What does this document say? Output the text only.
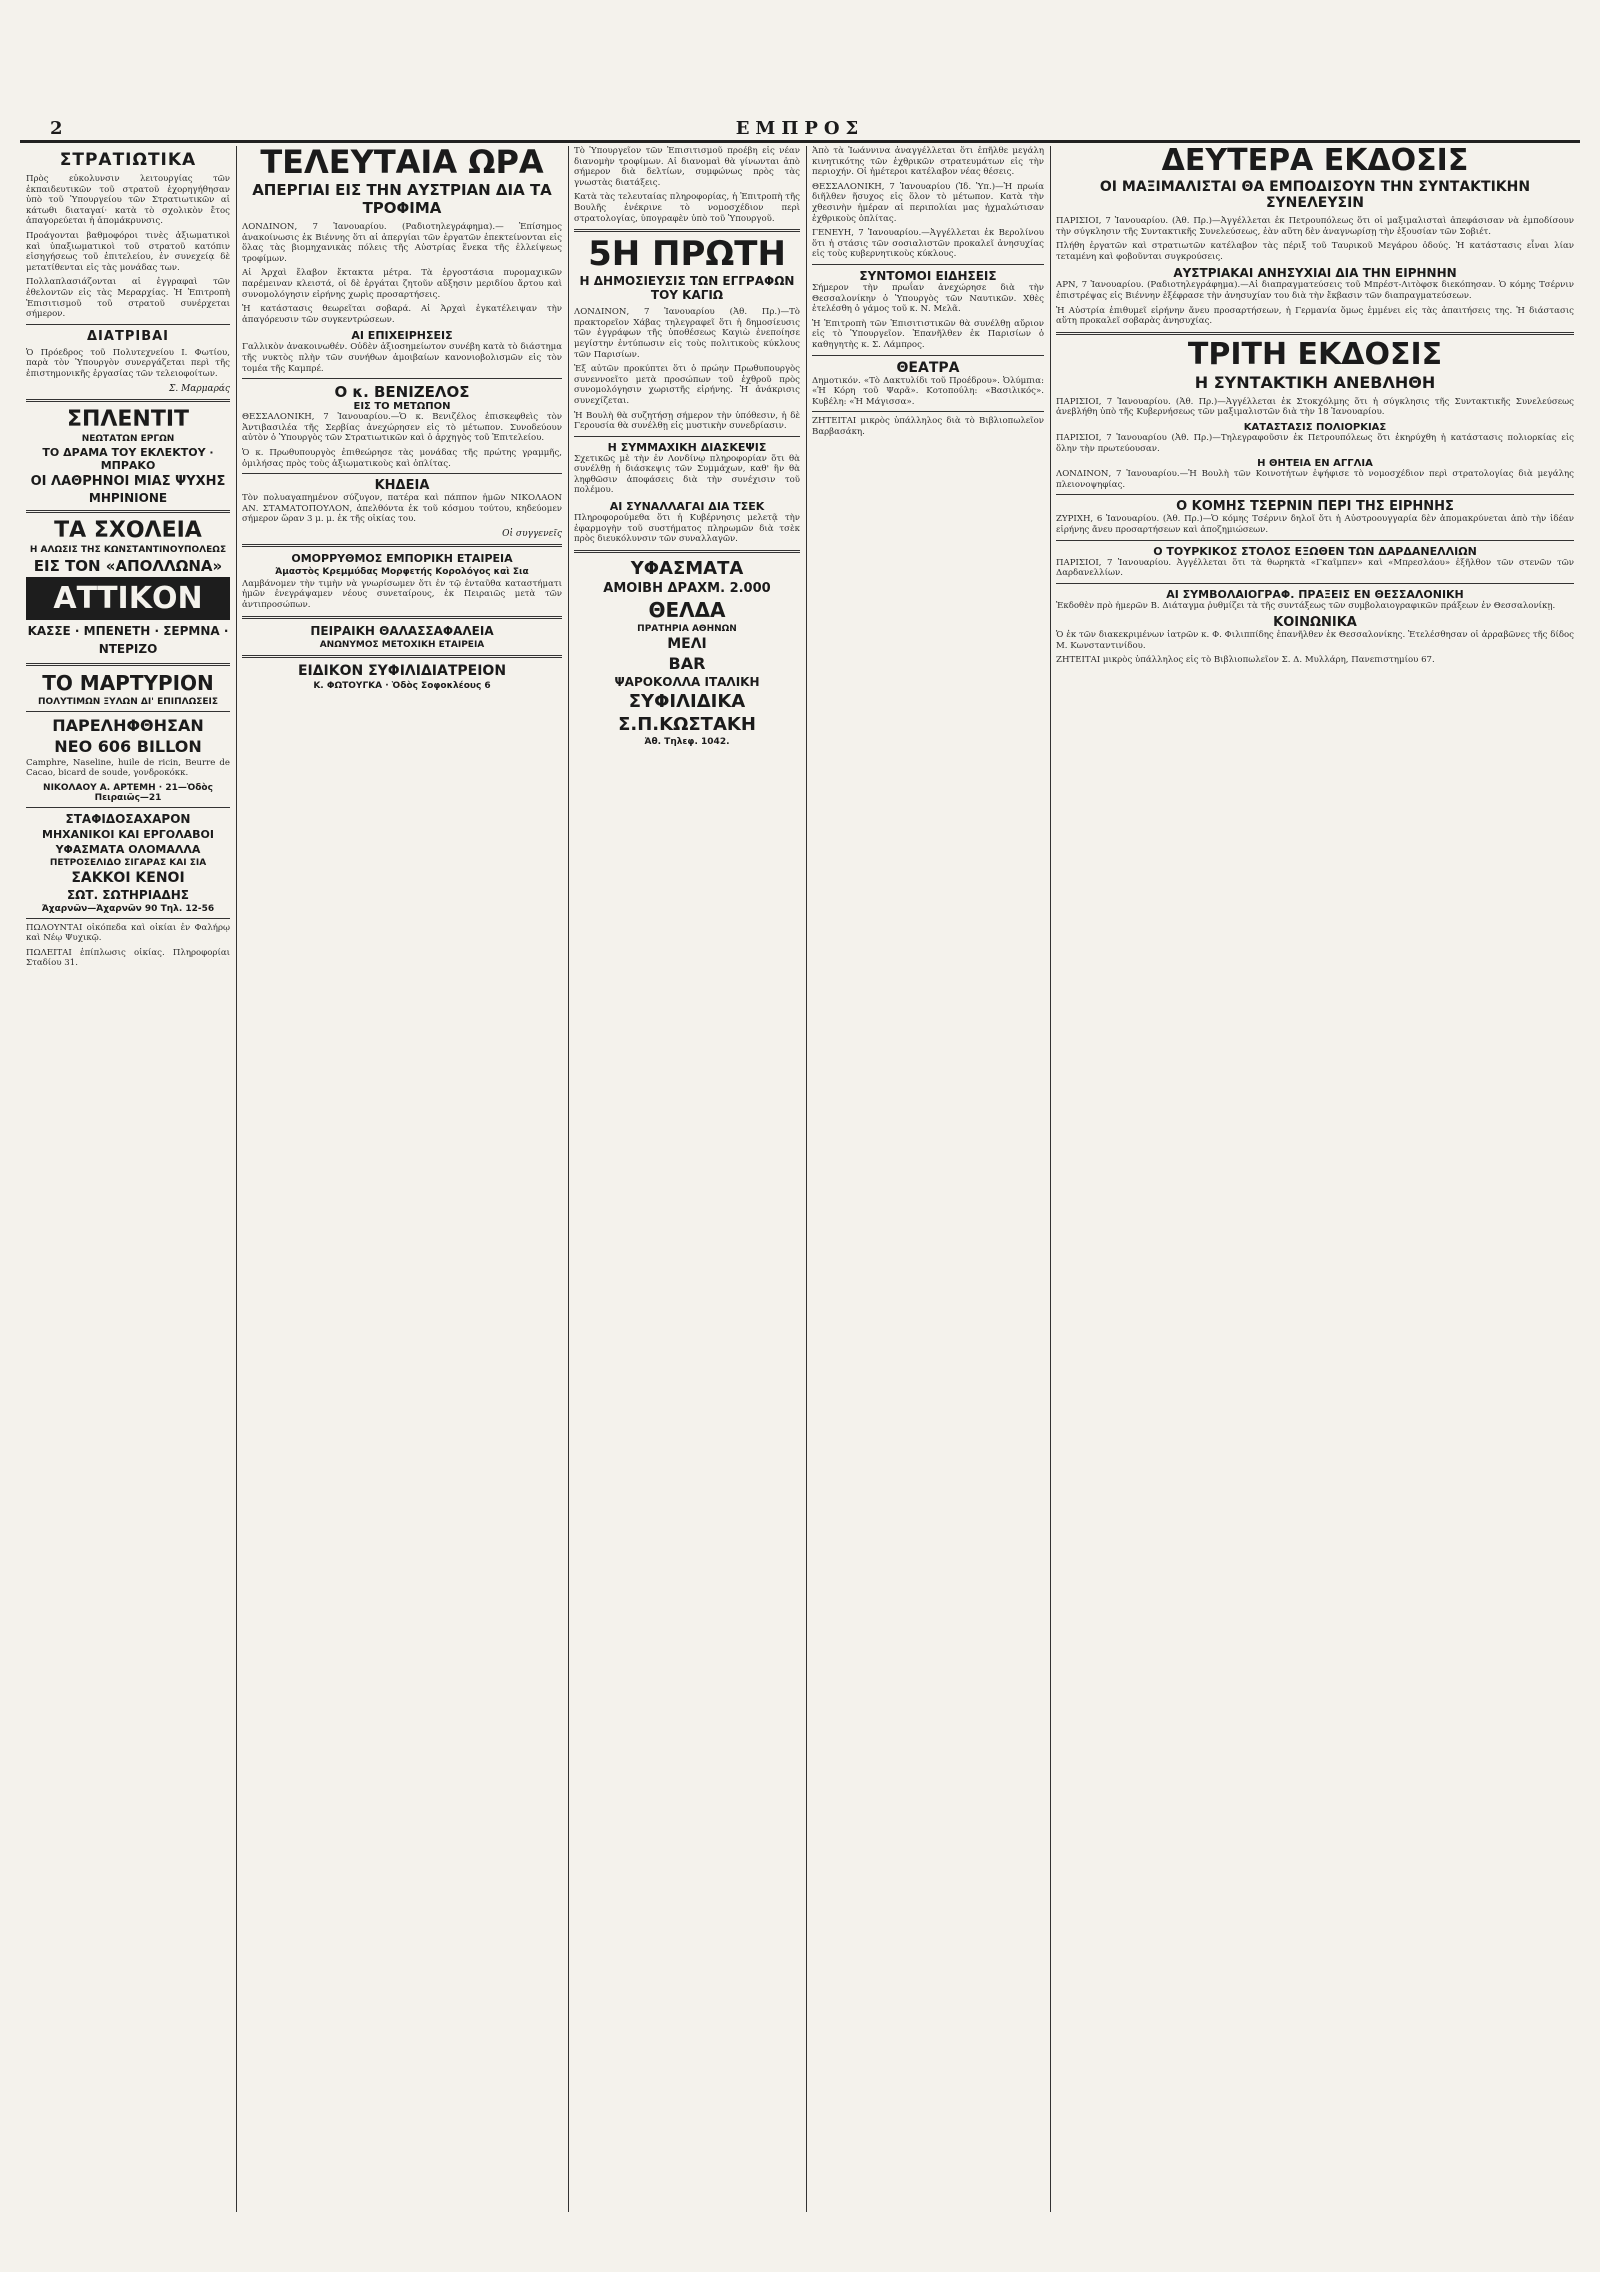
2	ΕΜΠΡΟΣ
ΣΤΡΑΤΙΩΤΙΚΑ

Πρὸς εὐκολυνσιν λειτουργίας τῶν ἐκπαιδευτικῶν τοῦ στρατοῦ ἐχορηγήθησαν ὑπὸ τοῦ Ὑπουργείου τῶν Στρατιωτικῶν αἱ κάτωθι διαταγαί· κατὰ τὸ σχολικὸν ἔτος ἀπαγορεύεται ἡ ἀπομάκρυνσις.

Προάγονται βαθμοφόροι τινὲς ἀξιωματικοὶ καὶ ὑπαξιωματικοὶ τοῦ στρατοῦ κατόπιν εἰσηγήσεως τοῦ ἐπιτελείου, ἐν συνεχείᾳ δὲ μετατίθενται εἰς τὰς μονάδας των.

Πολλαπλασιάζονται αἱ ἐγγραφαὶ τῶν ἐθελοντῶν εἰς τὰς Μεραρχίας. Ἡ Ἐπιτροπὴ Ἐπισιτισμοῦ τοῦ στρατοῦ συνέρχεται σήμερον.

ΔΙΑΤΡΙΒΑΙ

Ὁ Πρόεδρος τοῦ Πολυτεχνείου Ι. Φωτίου, παρὰ τὸν Ὑπουργὸν συνεργάζεται περὶ τῆς ἐπιστημονικῆς ἐργασίας τῶν τελειοφοίτων.

Σ. Μαρμαράς
ΣΠΛΕΝΤΙΤ
ΝΕΩΤΑΤΩΝ ΕΡΓΩΝ
ΤΟ ΔΡΑΜΑ ΤΟΥ ΕΚΛΕΚΤΟΥ · ΜΠΡΑΚΟ
ΟΙ ΛΑΘΡΗΝΟΙ ΜΙΑΣ ΨΥΧΗΣ
ΜΗΡΙΝΙΟΝΕ
ΤΑ ΣΧΟΛΕΙΑ
Η ΑΛΩΣΙΣ ΤΗΣ ΚΩΝΣΤΑΝΤΙΝΟΥΠΟΛΕΩΣ
ΕΙΣ ΤΟΝ «ΑΠΟΛΛΩΝΑ»
ΑΤΤΙΚΟΝ
ΚΑΣΣΕ · ΜΠΕΝΕΤΗ · ΣΕΡΜΝΑ · ΝΤΕΡΙΖΟ
ΤΟ ΜΑΡΤΥΡΙΟΝ
ΠΟΛΥΤΙΜΩΝ ΞΥΛΩΝ ΔΙ' ΕΠΙΠΛΩΣΕΙΣ
ΠΑΡΕΛΗΦΘΗΣΑΝ
ΝΕΟ 606 BILLON

Camphre, Naseline, huile de ricin, Beurre de Cacao, bicard de soude, γονδροκόκκ.

ΝΙΚΟΛΑΟΥ Α. ΑΡΤΕΜΗ · 21—Ὁδὸς Πειραιῶς—21
ΣΤΑΦΙΔΟΣΑΧΑΡΟΝ
ΜΗΧΑΝΙΚΟΙ ΚΑΙ ΕΡΓΟΛΑΒΟΙ
ΥΦΑΣΜΑΤΑ ΟΛΟΜΑΛΛΑ
ΠΕΤΡΟΣΕΛΙΔΟ ΣΙΓΑΡΑΣ ΚΑΙ ΣΙΑ
ΣΑΚΚΟΙ ΚΕΝΟΙ
ΣΩΤ. ΣΩΤΗΡΙΑΔΗΣ
Ἀχαρνῶν—Ἀχαρνῶν 90 Τηλ. 12-56

ΠΩΛΟΥΝΤΑΙ οἰκόπεδα καὶ οἰκίαι ἐν Φαλήρῳ καὶ Νέῳ Ψυχικῷ.

ΠΩΛΕΙΤΑΙ ἐπίπλωσις οἰκίας. Πληροφορίαι Σταδίου 31.

ΤΕΛΕΥΤΑΙΑ ΩΡΑ
ΑΠΕΡΓΙΑΙ ΕΙΣ ΤΗΝ ΑΥΣΤΡΙΑΝ ΔΙΑ ΤΑ ΤΡΟΦΙΜΑ

ΛΟΝΔΙΝΟΝ, 7 Ἰανουαρίου. (Ραδιοτηλεγράφημα).— Ἐπίσημος ἀνακοίνωσις ἐκ Βιέννης ὅτι αἱ ἀπεργίαι τῶν ἐργατῶν ἐπεκτείνονται εἰς ὅλας τὰς βιομηχανικὰς πόλεις τῆς Αὐστρίας ἕνεκα τῆς ἐλλείψεως τροφίμων.

Αἱ Ἀρχαὶ ἔλαβον ἔκτακτα μέτρα. Τὰ ἐργοστάσια πυρομαχικῶν παρέμειναν κλειστά, οἱ δὲ ἐργάται ζητοῦν αὔξησιν μεριδίου ἄρτου καὶ συνομολόγησιν εἰρήνης χωρὶς προσαρτήσεις.

Ἡ κατάστασις θεωρεῖται σοβαρά. Αἱ Ἀρχαὶ ἐγκατέλειψαν τὴν ἀπαγόρευσιν τῶν συγκεντρώσεων.

ΑΙ ΕΠΙΧΕΙΡΗΣΕΙΣ

Γαλλικὸν ἀνακοινωθέν. Οὐδὲν ἀξιοσημείωτον συνέβη κατὰ τὸ διάστημα τῆς νυκτὸς πλὴν τῶν συνήθων ἀμοιβαίων κανονιοβολισμῶν εἰς τὸν τομέα τῆς Καμπρέ.

Ο κ. ΒΕΝΙΖΕΛΟΣ
ΕΙΣ ΤΟ ΜΕΤΩΠΟΝ

ΘΕΣΣΑΛΟΝΙΚΗ, 7 Ἰανουαρίου.—Ὁ κ. Βενιζέλος ἐπισκεφθεὶς τὸν Ἀντιβασιλέα τῆς Σερβίας ἀνεχώρησεν εἰς τὸ μέτωπον. Συνοδεύουν αὐτὸν ὁ Ὑπουργὸς τῶν Στρατιωτικῶν καὶ ὁ ἀρχηγὸς τοῦ Ἐπιτελείου.

Ὁ κ. Πρωθυπουργὸς ἐπιθεώρησε τὰς μονάδας τῆς πρώτης γραμμῆς, ὁμιλήσας πρὸς τοὺς ἀξιωματικοὺς καὶ ὁπλίτας.

ΚΗΔΕΙΑ

Τὸν πολυαγαπημένον σύζυγον, πατέρα καὶ πάππον ἡμῶν ΝΙΚΟΛΑΟΝ ΑΝ. ΣΤΑΜΑΤΟΠΟΥΛΟΝ, ἀπελθόντα ἐκ τοῦ κόσμου τούτου, κηδεύομεν σήμερον ὥραν 3 μ. μ. ἐκ τῆς οἰκίας του.

Οἱ συγγενεῖς
ΟΜΟΡΡΥΘΜΟΣ ΕΜΠΟΡΙΚΗ ΕΤΑΙΡΕΙΑ
Ἀμαστὸς Κρεμμύδας Μορφετής Κορολόγος καὶ Σια

Λαμβάνομεν τὴν τιμὴν νὰ γνωρίσωμεν ὅτι ἐν τῷ ἐνταῦθα καταστήματι ἡμῶν ἐνεγράψαμεν νέους συνεταίρους, ἐκ Πειραιῶς μετὰ τῶν ἀντιπροσώπων.

ΠΕΙΡΑΙΚΗ ΘΑΛΑΣΣΑΦΑΛΕΙΑ
ΑΝΩΝΥΜΟΣ ΜΕΤΟΧΙΚΗ ΕΤΑΙΡΕΙΑ
ΕΙΔΙΚΟΝ ΣΥΦΙΛΙΔΙΑΤΡΕΙΟΝ
Κ. ΦΩΤΟΥΓΚΑ · Ὁδὸς Σοφοκλέους 6

Τὸ Ὑπουργεῖον τῶν Ἐπισιτισμοῦ προέβη εἰς νέαν διανομὴν τροφίμων. Αἱ διανομαὶ θὰ γίνωνται ἀπὸ σήμερον διὰ δελτίων, συμφώνως πρὸς τὰς γνωστὰς διατάξεις.

Κατὰ τὰς τελευταίας πληροφορίας, ἡ Ἐπιτροπὴ τῆς Βουλῆς ἐνέκρινε τὸ νομοσχέδιον περὶ στρατολογίας, ὑπογραφὲν ὑπὸ τοῦ Ὑπουργοῦ.

5Η ΠΡΩΤΗ
Η ΔΗΜΟΣΙΕΥΣΙΣ ΤΩΝ ΕΓΓΡΑΦΩΝ ΤΟΥ ΚΑΓΙΩ

ΛΟΝΔΙΝΟΝ, 7 Ἰανουαρίου (Ἀθ. Πρ.)—Τὸ πρακτορεῖον Χάβας τηλεγραφεῖ ὅτι ἡ δημοσίευσις τῶν ἐγγράφων τῆς ὑποθέσεως Καγιὼ ἐνεποίησε μεγίστην ἐντύπωσιν εἰς τοὺς πολιτικοὺς κύκλους τῶν Παρισίων.

Ἐξ αὐτῶν προκύπτει ὅτι ὁ πρώην Πρωθυπουργὸς συνεννοεῖτο μετὰ προσώπων τοῦ ἐχθροῦ πρὸς συνομολόγησιν χωριστῆς εἰρήνης. Ἡ ἀνάκρισις συνεχίζεται.

Ἡ Βουλὴ θὰ συζητήσῃ σήμερον τὴν ὑπόθεσιν, ἡ δὲ Γερουσία θὰ συνέλθῃ εἰς μυστικὴν συνεδρίασιν.

Η ΣΥΜΜΑΧΙΚΗ ΔΙΑΣΚΕΨΙΣ

Σχετικῶς μὲ τὴν ἐν Λονδίνῳ πληροφορίαν ὅτι θὰ συνέλθῃ ἡ διάσκεψις τῶν Συμμάχων, καθ' ἣν θὰ ληφθῶσιν ἀποφάσεις διὰ τὴν συνέχισιν τοῦ πολέμου.

ΑΙ ΣΥΝΑΛΛΑΓΑΙ ΔΙΑ ΤΣΕΚ

Πληροφορούμεθα ὅτι ἡ Κυβέρνησις μελετᾷ τὴν ἐφαρμογὴν τοῦ συστήματος πληρωμῶν διὰ τσὲκ πρὸς διευκόλυνσιν τῶν συναλλαγῶν.

ΥΦΑΣΜΑΤΑ
ΑΜΟΙΒΗ ΔΡΑΧΜ. 2.000
ΘΕΛΔΑ
ΠΡΑΤΗΡΙΑ ΑΘΗΝΩΝ
ΜΕΛΙ
BAR
ΨΑΡΟΚΟΛΛΑ ΙΤΑΛΙΚΗ
ΣΥΦΙΛΙΔΙΚΑ
Σ.Π.ΚΩΣΤΑΚΗ
Ἀθ. Τηλεφ. 1042.

Ἀπὸ τὰ Ἰωάννινα ἀναγγέλλεται ὅτι ἐπῆλθε μεγάλη κινητικότης τῶν ἐχθρικῶν στρατευμάτων εἰς τὴν περιοχήν. Οἱ ἡμέτεροι κατέλαβον νέας θέσεις.

ΘΕΣΣΑΛΟΝΙΚΗ, 7 Ἰανουαρίου (Ἰδ. Ὑπ.)—Ἡ πρωία διῆλθεν ἥσυχος εἰς ὅλον τὸ μέτωπον. Κατὰ τὴν χθεσινὴν ἡμέραν αἱ περιπολίαι μας ἠχμαλώτισαν ἐχθρικοὺς ὁπλίτας.

ΓΕΝΕΥΗ, 7 Ἰανουαρίου.—Ἀγγέλλεται ἐκ Βερολίνου ὅτι ἡ στάσις τῶν σοσιαλιστῶν προκαλεῖ ἀνησυχίας εἰς τοὺς κυβερνητικοὺς κύκλους.

ΣΥΝΤΟΜΟΙ ΕΙΔΗΣΕΙΣ

Σήμερον τὴν πρωΐαν ἀνεχώρησε διὰ τὴν Θεσσαλονίκην ὁ Ὑπουργὸς τῶν Ναυτικῶν. Χθὲς ἐτελέσθη ὁ γάμος τοῦ κ. Ν. Μελᾶ.

Ἡ Ἐπιτροπὴ τῶν Ἐπισιτιστικῶν θὰ συνέλθῃ αὔριον εἰς τὸ Ὑπουργεῖον. Ἐπανῆλθεν ἐκ Παρισίων ὁ καθηγητὴς κ. Σ. Λάμπρος.

ΘΕΑΤΡΑ

Δημοτικόν. «Τὸ Δακτυλίδι τοῦ Προέδρου». Ὀλύμπια: «Ἡ Κόρη τοῦ Ψαρᾶ». Κοτοπούλη: «Βασιλικός». Κυβέλη: «Ἡ Μάγισσα».

ΖΗΤΕΙΤΑΙ μικρὸς ὑπάλληλος διὰ τὸ Βιβλιοπωλεῖον Βαρβασάκη.

ΔΕΥΤΕΡΑ ΕΚΔΟΣΙΣ
ΟΙ ΜΑΞΙΜΑΛΙΣΤΑΙ ΘΑ ΕΜΠΟΔΙΣΟΥΝ ΤΗΝ ΣΥΝΤΑΚΤΙΚΗΝ ΣΥΝΕΛΕΥΣΙΝ

ΠΑΡΙΣΙΟΙ, 7 Ἰανουαρίου. (Ἀθ. Πρ.)—Ἀγγέλλεται ἐκ Πετρουπόλεως ὅτι οἱ μαξιμαλισταὶ ἀπεφάσισαν νὰ ἐμποδίσουν τὴν σύγκλησιν τῆς Συντακτικῆς Συνελεύσεως, ἐὰν αὕτη δὲν ἀναγνωρίσῃ τὴν ἐξουσίαν τῶν Σοβιέτ.

Πλήθη ἐργατῶν καὶ στρατιωτῶν κατέλαβον τὰς πέριξ τοῦ Ταυρικοῦ Μεγάρου ὁδούς. Ἡ κατάστασις εἶναι λίαν τεταμένη καὶ φοβοῦνται συγκρούσεις.

ΑΥΣΤΡΙΑΚΑΙ ΑΝΗΣΥΧΙΑΙ ΔΙΑ ΤΗΝ ΕΙΡΗΝΗΝ

ΑΡΝ, 7 Ἰανουαρίου. (Ραδιοτηλεγράφημα).—Αἱ διαπραγματεύσεις τοῦ Μπρέστ-Λιτὸφσκ διεκόπησαν. Ὁ κόμης Τσέρνιν ἐπιστρέψας εἰς Βιέννην ἐξέφρασε τὴν ἀνησυχίαν του διὰ τὴν ἔκβασιν τῶν διαπραγματεύσεων.

Ἡ Αὐστρία ἐπιθυμεῖ εἰρήνην ἄνευ προσαρτήσεων, ἡ Γερμανία ὅμως ἐμμένει εἰς τὰς ἀπαιτήσεις της. Ἡ διάστασις αὕτη προκαλεῖ σοβαρὰς ἀνησυχίας.

ΤΡΙΤΗ ΕΚΔΟΣΙΣ
Η ΣΥΝΤΑΚΤΙΚΗ ΑΝΕΒΛΗΘΗ

ΠΑΡΙΣΙΟΙ, 7 Ἰανουαρίου. (Ἀθ. Πρ.)—Ἀγγέλλεται ἐκ Στοκχόλμης ὅτι ἡ σύγκλησις τῆς Συντακτικῆς Συνελεύσεως ἀνεβλήθη ὑπὸ τῆς Κυβερνήσεως τῶν μαξιμαλιστῶν διὰ τὴν 18 Ἰανουαρίου.

ΚΑΤΑΣΤΑΣΙΣ ΠΟΛΙΟΡΚΙΑΣ

ΠΑΡΙΣΙΟΙ, 7 Ἰανουαρίου (Ἀθ. Πρ.)—Τηλεγραφοῦσιν ἐκ Πετρουπόλεως ὅτι ἐκηρύχθη ἡ κατάστασις πολιορκίας εἰς ὅλην τὴν πρωτεύουσαν.

Η ΘΗΤΕΙΑ ΕΝ ΑΓΓΛΙΑ

ΛΟΝΔΙΝΟΝ, 7 Ἰανουαρίου.—Ἡ Βουλὴ τῶν Κοινοτήτων ἐψήφισε τὸ νομοσχέδιον περὶ στρατολογίας διὰ μεγάλης πλειονοψηφίας.

Ο ΚΟΜΗΣ ΤΣΕΡΝΙΝ ΠΕΡΙ ΤΗΣ ΕΙΡΗΝΗΣ

ΖΥΡΙΧΗ, 6 Ἰανουαρίου. (Ἀθ. Πρ.)—Ὁ κόμης Τσέρνιν δηλοῖ ὅτι ἡ Αὐστροουγγαρία δὲν ἀπομακρύνεται ἀπὸ τὴν ἰδέαν εἰρήνης ἄνευ προσαρτήσεων καὶ ἀποζημιώσεων.

Ο ΤΟΥΡΚΙΚΟΣ ΣΤΟΛΟΣ ΕΞΩΘΕΝ ΤΩΝ ΔΑΡΔΑΝΕΛΛΙΩΝ

ΠΑΡΙΣΙΟΙ, 7 Ἰανουαρίου. Ἀγγέλλεται ὅτι τὰ θωρηκτὰ «Γκαῖμπεν» καὶ «Μπρεσλάου» ἐξῆλθον τῶν στενῶν τῶν Δαρδανελλίων.

ΑΙ ΣΥΜΒΟΛΑΙΟΓΡΑΦ. ΠΡΑΞΕΙΣ ΕΝ ΘΕΣΣΑΛΟΝΙΚΗ

Ἐκδοθὲν πρὸ ἡμερῶν Β. Διάταγμα ῥυθμίζει τὰ τῆς συντάξεως τῶν συμβολαιογραφικῶν πράξεων ἐν Θεσσαλονίκῃ.

ΚΟΙΝΩΝΙΚΑ

Ὁ ἐκ τῶν διακεκριμένων ἰατρῶν κ. Φ. Φιλιππίδης ἐπανῆλθεν ἐκ Θεσσαλονίκης. Ἐτελέσθησαν οἱ ἀρραβῶνες τῆς δίδος Μ. Κωνσταντινίδου.

ΖΗΤΕΙΤΑΙ μικρὸς ὑπάλληλος εἰς τὸ Βιβλιοπωλεῖον Σ. Δ. Μυλλάρη, Πανεπιστημίου 67.
